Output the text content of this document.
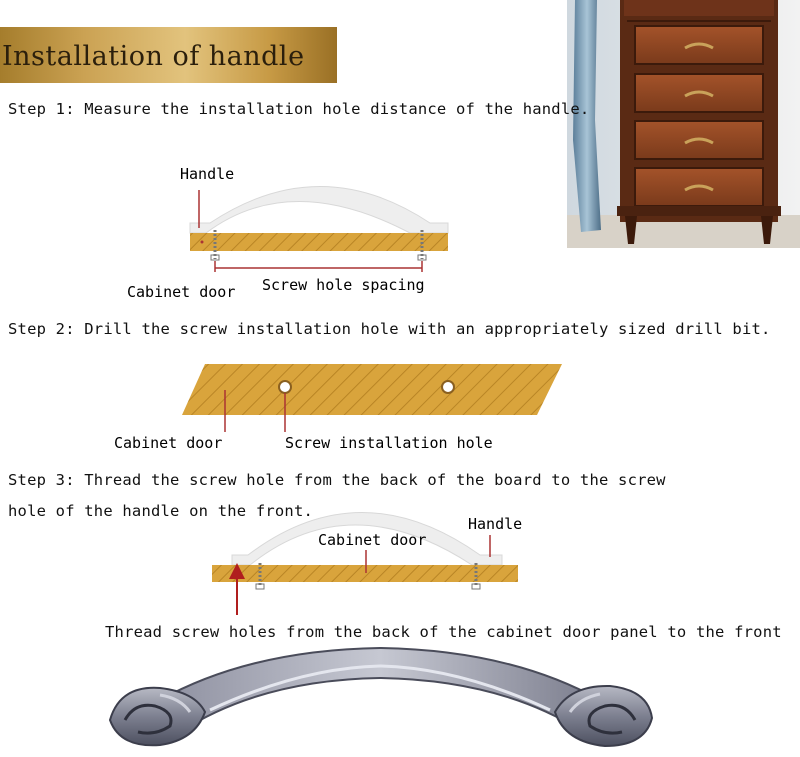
Installation of handle
Step 1: Measure the installation hole distance of the handle.
Handle
Cabinet door Screw hole spacing
Step 2: Drill the screw installation hole with an appropriately sized drill bit.
Cabinet door	Screw installation hole
Step 3: Thread the screw hole from the back of the board to the screw
hole of the handle on the front.
Cabinet door
Handle
Thread screw holes from the back of the cabinet door panel to the front
